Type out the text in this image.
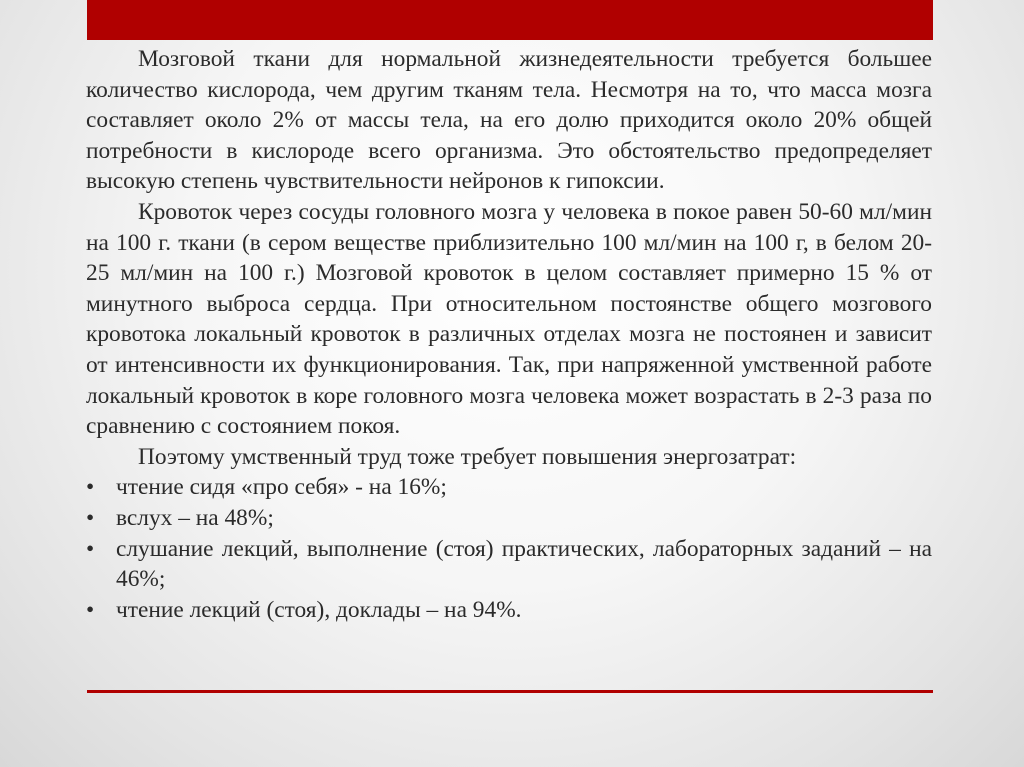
Мозговой ткани для нормальной жизнедеятельности требуется большее количество кислорода, чем другим тканям тела. Несмотря на то, что масса мозга составляет около 2% от массы тела, на его долю приходится около 20% общей потребности в кислороде всего организма. Это обстоятельство предопределяет высокую степень чувствительности нейронов к гипоксии.

Кровоток через сосуды головного мозга у человека в покое равен 50-60 мл/мин на 100 г. ткани (в сером веществе приблизительно 100 мл/мин на 100 г, в белом 20-25 мл/мин на 100 г.) Мозговой кровоток в целом составляет примерно 15 % от минутного выброса сердца. При относительном постоянстве общего мозгового кровотока локальный кровоток в различных отделах мозга не постоянен и зависит от интенсивности их функционирования. Так, при напряженной умственной работе локальный кровоток в коре головного мозга человека может возрастать в 2-3 раза по сравнению с состоянием покоя.

Поэтому умственный труд тоже требует повышения энергозатрат:

• чтение сидя «про себя» - на 16%;
• вслух – на 48%;
• слушание лекций, выполнение (стоя) практических, лабораторных заданий – на 46%;
• чтение лекций (стоя), доклады – на 94%.
